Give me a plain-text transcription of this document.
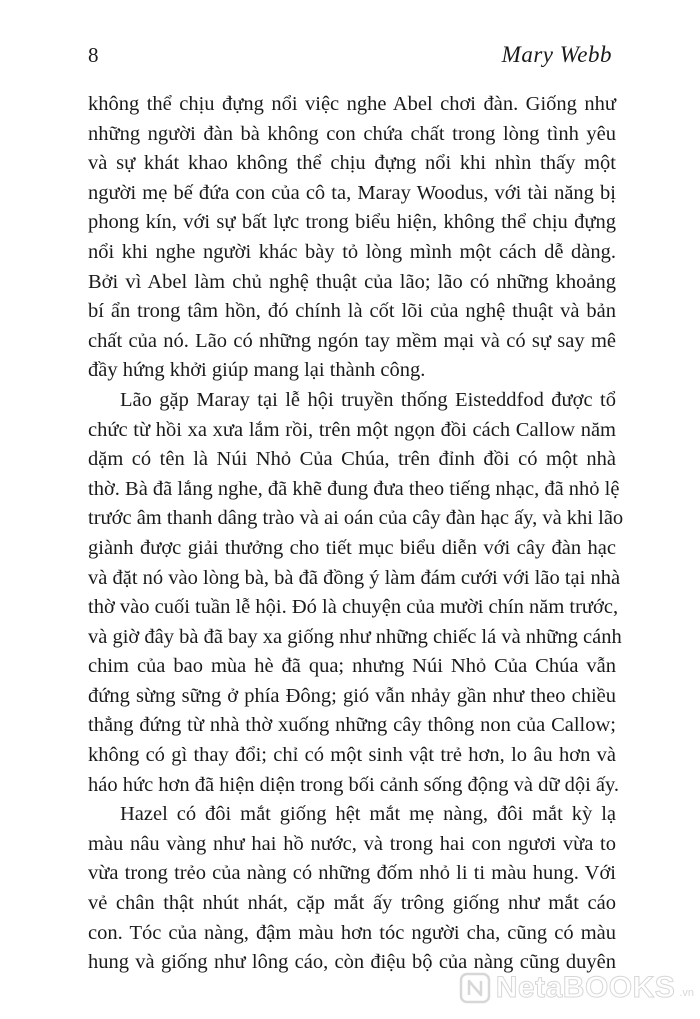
8	Mary Webb
không thể chịu đựng nổi việc nghe Abel chơi đàn. Giống như
những người đàn bà không con chứa chất trong lòng tình yêu
và sự khát khao không thể chịu đựng nổi khi nhìn thấy một
người mẹ bế đứa con của cô ta, Maray Woodus, với tài năng bị
phong kín, với sự bất lực trong biểu hiện, không thể chịu đựng
nổi khi nghe người khác bày tỏ lòng mình một cách dễ dàng.
Bởi vì Abel làm chủ nghệ thuật của lão; lão có những khoảng
bí ẩn trong tâm hồn, đó chính là cốt lõi của nghệ thuật và bản
chất của nó. Lão có những ngón tay mềm mại và có sự say mê
đầy hứng khởi giúp mang lại thành công.
Lão gặp Maray tại lễ hội truyền thống Eisteddfod được tổ
chức từ hồi xa xưa lắm rồi, trên một ngọn đồi cách Callow năm
dặm có tên là Núi Nhỏ Của Chúa, trên đỉnh đồi có một nhà
thờ. Bà đã lắng nghe, đã khẽ đung đưa theo tiếng nhạc, đã nhỏ lệ
trước âm thanh dâng trào và ai oán của cây đàn hạc ấy, và khi lão
giành được giải thưởng cho tiết mục biểu diễn với cây đàn hạc
và đặt nó vào lòng bà, bà đã đồng ý làm đám cưới với lão tại nhà
thờ vào cuối tuần lễ hội. Đó là chuyện của mười chín năm trước,
và giờ đây bà đã bay xa giống như những chiếc lá và những cánh
chim của bao mùa hè đã qua; nhưng Núi Nhỏ Của Chúa vẫn
đứng sừng sững ở phía Đông; gió vẫn nhảy gần như theo chiều
thẳng đứng từ nhà thờ xuống những cây thông non của Callow;
không có gì thay đổi; chỉ có một sinh vật trẻ hơn, lo âu hơn và
háo hức hơn đã hiện diện trong bối cảnh sống động và dữ dội ấy.
Hazel có đôi mắt giống hệt mắt mẹ nàng, đôi mắt kỳ lạ
màu nâu vàng như hai hồ nước, và trong hai con ngươi vừa to
vừa trong trẻo của nàng có những đốm nhỏ li ti màu hung. Với
vẻ chân thật nhút nhát, cặp mắt ấy trông giống như mắt cáo
con. Tóc của nàng, đậm màu hơn tóc người cha, cũng có màu
hung và giống như lông cáo, còn điệu bộ của nàng cũng duyên
NetaBOOKS .vn
